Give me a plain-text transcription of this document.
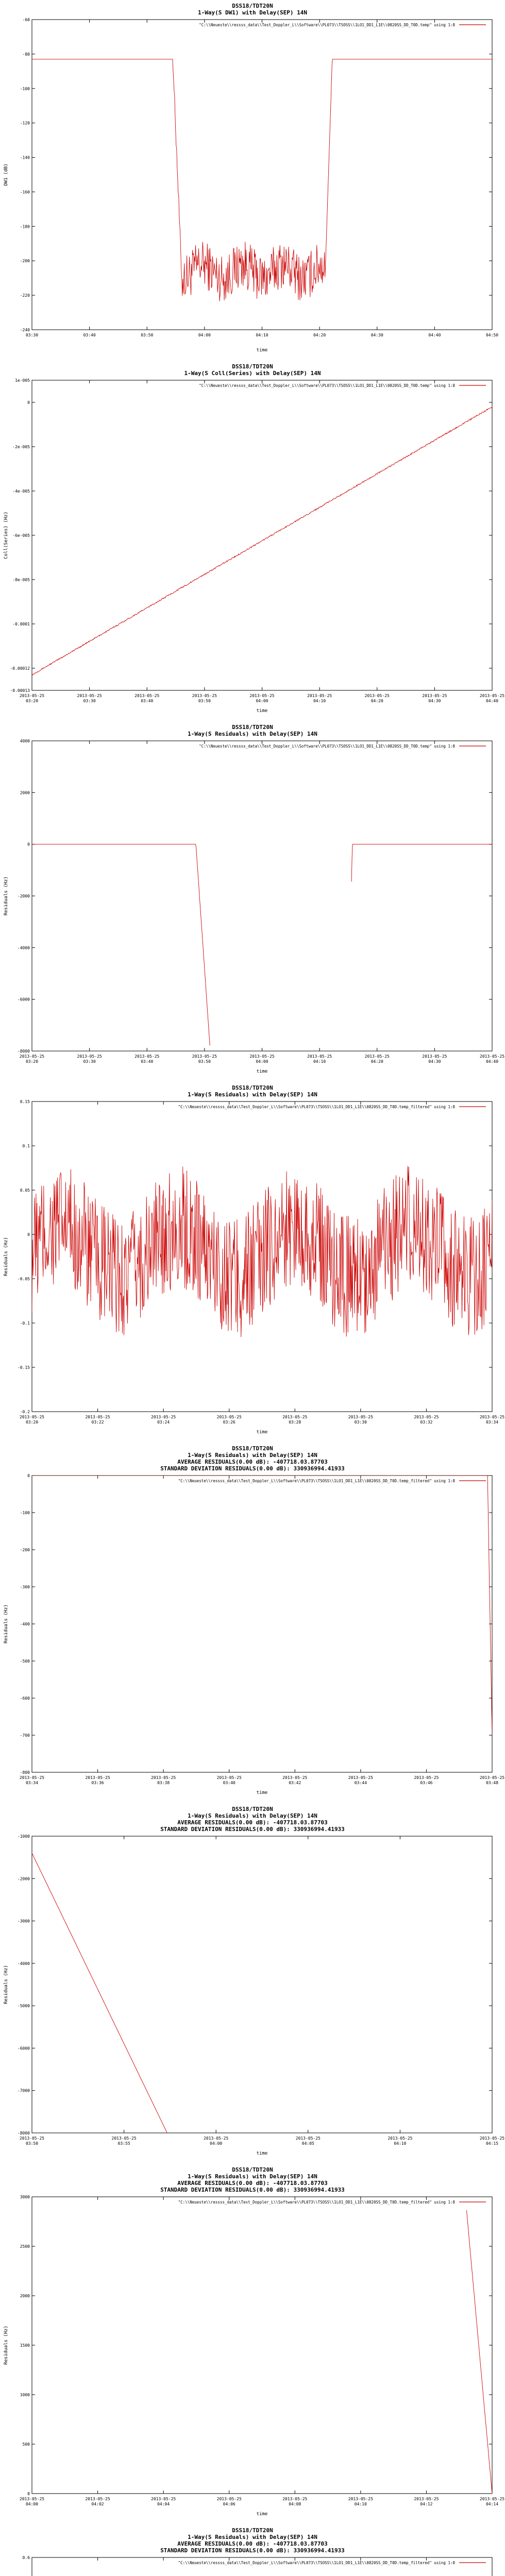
DSS18/TDT20N
1-Way(S DW1) with Delay(SEP) 14N
-240
-220
-200
-180
-160
-140
-120
-100
-80
-60
03:30	03:40	03:50	04:00	04:10	04:20	04:30	04:40	04:50
time
DW1 (dB)
"C:\\Neueste\\ressss_data\\Test_Doppler_L\\Software\\PL073\\TSOSS\\1LO1_DD1_L1E\\0820SS_DD_T0D.temp" using 1:8
DSS18/TDT20N
1-Way(S Coll(Series) with Delay(SEP) 14N
-0.00013
-0.00012
-0.0001
-8e-005
-6e-005
-4e-005
-2e-005
0
1e-005
2013-05-25 03:20
2013-05-25 03:30
2013-05-25 03:40
2013-05-25 03:50
2013-05-25 04:00
2013-05-25 04:10
2013-05-25 04:20
2013-05-25 04:30
2013-05-25 04:40
time
Coll(Series) (Hz)
"C:\\Neueste\\ressss_data\\Test_Doppler_L\\Software\\PL073\\TSOSS\\1LO1_DD1_L1E\\0820SS_DD_T0D.temp" using 1:8
DSS18/TDT20N
1-Way(S Residuals) with Delay(SEP) 14N
-8000
-6000
-4000
-2000
0
2000
4000
2013-05-25 03:20
2013-05-25 03:30
2013-05-25 03:40
2013-05-25 03:50
2013-05-25 04:00
2013-05-25 04:10
2013-05-25 04:20
2013-05-25 04:30
2013-05-25 04:40
time
Residuals (Hz)
"C:\\Neueste\\ressss_data\\Test_Doppler_L\\Software\\PL073\\TSOSS\\1LO1_DD1_L1E\\0820SS_DD_T0D.temp" using 1:8
DSS18/TDT20N
1-Way(S Residuals) with Delay(SEP) 14N
-0.2
-0.15
-0.1
-0.05
0
0.05
0.1
0.15
2013-05-25 03:20
2013-05-25 03:22
2013-05-25 03:24
2013-05-25 03:26
2013-05-25 03:28
2013-05-25 03:30
2013-05-25 03:32
2013-05-25 03:34
time
Residuals (Hz)
"C:\\Neueste\\ressss_data\\Test_Doppler_L\\Software\\PL073\\TSOSS\\1LO1_DD1_L1E\\0820SS_DD_T0D.temp_filtered" using 1:8
DSS18/TDT20N
1-Way(S Residuals) with Delay(SEP) 14N
AVERAGE RESIDUALS(0.00 dB): -407718.03.87703
STANDARD DEVIATION RESIDUALS(0.00 dB): 330936994.41933
-800
-700
-600
-500
-400
-300
-200
-100
0
2013-05-25 03:34
2013-05-25 03:36
2013-05-25 03:38
2013-05-25 03:40
2013-05-25 03:42
2013-05-25 03:44
2013-05-25 03:46
2013-05-25 03:48
time
Residuals (Hz)
"C:\\Neueste\\ressss_data\\Test_Doppler_L\\Software\\PL073\\TSOSS\\1LO1_DD1_L1E\\0820SS_DD_T0D.temp_filtered" using 1:8
DSS18/TDT20N
1-Way(S Residuals) with Delay(SEP) 14N
AVERAGE RESIDUALS(0.00 dB): -407718.03.87703
STANDARD DEVIATION RESIDUALS(0.00 dB): 330936994.41933
-8000
-7000
-6000
-5000
-4000
-3000
-2000
-1000
2013-05-25 03:50
2013-05-25 03:55
2013-05-25 04:00
2013-05-25 04:05
2013-05-25 04:10
2013-05-25 04:15
time
Residuals (Hz)
DSS18/TDT20N
1-Way(S Residuals) with Delay(SEP) 14N
AVERAGE RESIDUALS(0.00 dB): -407718.03.87703
STANDARD DEVIATION RESIDUALS(0.00 dB): 330936994.41933
0
500
1000
1500
2000
2500
3000
2013-05-25 04:00
2013-05-25 04:02
2013-05-25 04:04
2013-05-25 04:06
2013-05-25 04:08
2013-05-25 04:10
2013-05-25 04:12
2013-05-25 04:14
time
Residuals (Hz)
"C:\\Neueste\\ressss_data\\Test_Doppler_L\\Software\\PL073\\TSOSS\\1LO1_DD1_L1E\\0820SS_DD_T0D.temp_filtered" using 1:8
DSS18/TDT20N
1-Way(S Residuals) with Delay(SEP) 14N
AVERAGE RESIDUALS(0.00 dB): -407718.03.87703
STANDARD DEVIATION RESIDUALS(0.00 dB): 330936994.41933
0.6
"C:\\Neueste\\ressss_data\\Test_Doppler_L\\Software\\PL073\\TSOSS\\1LO1_DD1_L1E\\0820SS_DD_T0D.temp_filtered" using 1:8
